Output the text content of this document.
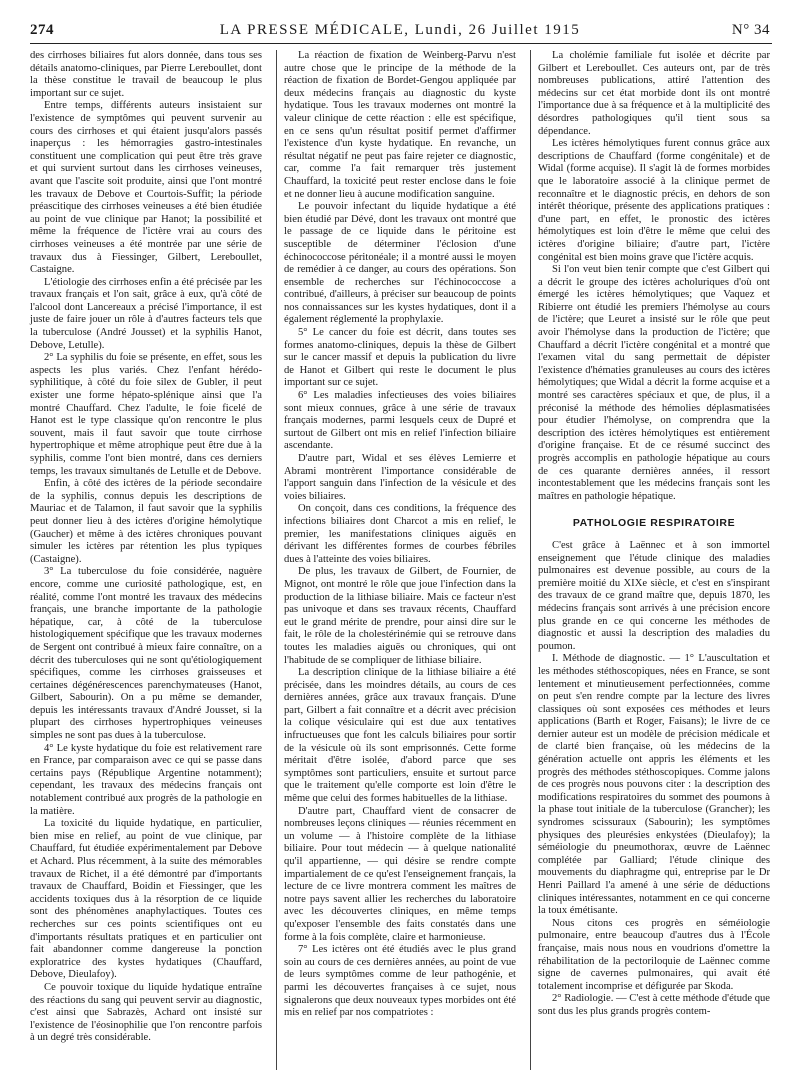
274	LA PRESSE MÉDICALE, Lundi, 26 Juillet 1915	N° 34

des cirrhoses biliaires fut alors donnée, dans tous ses détails anatomo-cliniques, par Pierre Lereboullet, dont la thèse constitue le travail de beaucoup le plus important sur ce sujet.

Entre temps, différents auteurs insistaient sur l'existence de symptômes qui peuvent survenir au cours des cirrhoses et qui étaient jusqu'alors passés inaperçus : les hémorragies gastro-intestinales constituent une complication qui peut être très grave et qui survient surtout dans les cirrhoses veineuses, avant que l'ascite soit produite, ainsi que l'ont montré les travaux de Debove et Courtois-Suffit; la période préascitique des cirrhoses veineuses a été bien étudiée au point de vue clinique par Hanot; la possibilité et même la fréquence de l'ictère vrai au cours des cirrhoses veineuses a été montrée par une série de travaux dus à Fiessinger, Gilbert, Lereboullet, Castaigne.

L'étiologie des cirrhoses enfin a été précisée par les travaux français et l'on sait, grâce à eux, qu'à côté de l'alcool dont Lancereaux a précisé l'importance, il est juste de faire jouer un rôle à d'autres facteurs tels que la tuberculose (André Jousset) et la syphilis Hanot, Debove, Letulle).

2° La syphilis du foie se présente, en effet, sous les aspects les plus variés. Chez l'enfant hérédo-syphilitique, à côté du foie silex de Gubler, il peut exister une forme hépato-splénique ainsi que l'a montré Chauffard. Chez l'adulte, le foie ficelé de Hanot est le type classique qu'on rencontre le plus souvent, mais il faut savoir que toute cirrhose hypertrophique et même atrophique peut être due à la syphilis, comme l'ont bien montré, dans ces derniers temps, les travaux simultanés de Letulle et de Debove.

Enfin, à côté des ictères de la période secondaire de la syphilis, connus depuis les descriptions de Mauriac et de Talamon, il faut savoir que la syphilis peut donner lieu à des ictères d'origine hémolytique (Gaucher) et même à des ictères chroniques pouvant simuler les ictères par rétention les plus typiques (Castaigne).

3° La tuberculose du foie considérée, naguère encore, comme une curiosité pathologique, est, en réalité, comme l'ont montré les travaux des médecins français, une branche importante de la pathologie hépatique, car, à côté de la tuberculose histologiquement spécifique que les travaux modernes de Sergent ont contribué à mieux faire connaître, on a décrit des tuberculoses qui ne sont qu'étiologiquement spécifiques, comme les cirrhoses graisseuses et certaines dégénérescences parenchymateuses (Hanot, Gilbert, Sabourin). On a pu même se demander, depuis les intéressants travaux d'André Jousset, si la plupart des cirrhoses hypertrophiques veineuses simples ne sont pas dues à la tuberculose.

4° Le kyste hydatique du foie est relativement rare en France, par comparaison avec ce qui se passe dans certains pays (République Argentine notamment); cependant, les travaux des médecins français ont notablement contribué aux progrès de la pathologie en la matière.

La toxicité du liquide hydatique, en particulier, bien mise en relief, au point de vue clinique, par Chauffard, fut étudiée expérimentalement par Debove et Achard. Plus récemment, à la suite des mémorables travaux de Richet, il a été démontré par d'importants travaux de Chauffard, Boidin et Fiessinger, que les accidents toxiques dus à la résorption de ce liquide sont des phénomènes anaphylactiques. Toutes ces recherches sur ces points scientifiques ont eu d'importants résultats pratiques et en particulier ont fait abandonner comme dangereuse la ponction exploratrice des kystes hydatiques (Chauffard, Debove, Dieulafoy).

Ce pouvoir toxique du liquide hydatique entraîne des réactions du sang qui peuvent servir au diagnostic, c'est ainsi que Sabrazès, Achard ont insisté sur l'existence de l'éosinophilie que l'on rencontre parfois à un degré très considérable.

La réaction de fixation de Weinberg-Parvu n'est autre chose que le principe de la méthode de la réaction de fixation de Bordet-Gengou appliquée par deux médecins français au diagnostic du kyste hydatique. Tous les travaux modernes ont montré la valeur clinique de cette réaction : elle est spécifique, en ce sens qu'un résultat positif permet d'affirmer l'existence d'un kyste hydatique. En revanche, un résultat négatif ne peut pas faire rejeter ce diagnostic, car, comme l'a fait remarquer très justement Chauffard, la toxicité peut rester enclose dans le foie et ne donner lieu à aucune modification sanguine.

Le pouvoir infectant du liquide hydatique a été bien étudié par Dévé, dont les travaux ont montré que le passage de ce liquide dans le péritoine est susceptible de déterminer l'éclosion d'une échinococcose péritonéale; il a montré aussi le moyen de remédier à ce danger, au cours des opérations. Son ensemble de recherches sur l'échinococcose a contribué, d'ailleurs, à préciser sur beaucoup de points nos connaissances sur les kystes hydatiques, dont il a également réglementé la prophylaxie.

5° Le cancer du foie est décrit, dans toutes ses formes anatomo-cliniques, depuis la thèse de Gilbert sur le cancer massif et depuis la publication du livre de Hanot et Gilbert qui reste le document le plus important sur ce sujet.

6° Les maladies infectieuses des voies biliaires sont mieux connues, grâce à une série de travaux français modernes, parmi lesquels ceux de Dupré et surtout de Gilbert ont mis en relief l'infection biliaire ascendante.

D'autre part, Widal et ses élèves Lemierre et Abrami montrèrent l'importance considérable de l'apport sanguin dans l'infection de la vésicule et des voies biliaires.

On conçoit, dans ces conditions, la fréquence des infections biliaires dont Charcot a mis en relief, le premier, les manifestations cliniques aiguës en dérivant les différentes formes de courbes fébriles dues à l'atteinte des voies biliaires.

De plus, les travaux de Gilbert, de Fournier, de Mignot, ont montré le rôle que joue l'infection dans la production de la lithiase biliaire. Mais ce facteur n'est pas univoque et dans ses travaux récents, Chauffard eut le grand mérite de prendre, pour ainsi dire sur le fait, le rôle de la cholestérinémie qui se retrouve dans toutes les maladies aiguës ou chroniques, qui ont l'habitude de se compliquer de lithiase biliaire.

La description clinique de la lithiase biliaire a été précisée, dans les moindres détails, au cours de ces dernières années, grâce aux travaux français. D'une part, Gilbert a fait connaître et a décrit avec précision la colique vésiculaire qui est due aux tentatives infructueuses que font les calculs biliaires pour sortir de la vésicule où ils sont emprisonnés. Cette forme méritait d'être isolée, d'abord parce que ses symptômes sont particuliers, ensuite et surtout parce que le traitement qu'elle comporte est loin d'être le même que celui des formes habituelles de la lithiase.

D'autre part, Chauffard vient de consacrer de nombreuses leçons cliniques — réunies récemment en un volume — à l'histoire complète de la lithiase biliaire. Pour tout médecin — à quelque nationalité qu'il appartienne, — qui désire se rendre compte impartialement de ce qu'est l'enseignement français, la lecture de ce livre montrera comment les maîtres de notre pays savent allier les recherches du laboratoire avec les découvertes cliniques, en même temps qu'exposer l'ensemble des faits constatés dans une forme à la fois complète, claire et harmonieuse.

7° Les ictères ont été étudiés avec le plus grand soin au cours de ces dernières années, au point de vue de leurs symptômes comme de leur pathogénie, et parmi les découvertes françaises à ce sujet, nous signalerons que deux nouveaux types morbides ont été mis en relief par nos compatriotes :

La cholémie familiale fut isolée et décrite par Gilbert et Lereboullet. Ces auteurs ont, par de très nombreuses publications, attiré l'attention des médecins sur cet état morbide dont ils ont montré l'importance due à sa fréquence et à la multiplicité des désordres pathologiques qu'il tient sous sa dépendance.

Les ictères hémolytiques furent connus grâce aux descriptions de Chauffard (forme congénitale) et de Widal (forme acquise). Il s'agit là de formes morbides que le laboratoire associé à la clinique permet de reconnaître et le diagnostic précis, en dehors de son intérêt théorique, présente des applications pratiques : d'une part, en effet, le pronostic des ictères hémolytiques est loin d'être le même que celui des ictères d'origine biliaire; d'autre part, l'ictère congénital est bien moins grave que l'ictère acquis.

Si l'on veut bien tenir compte que c'est Gilbert qui a décrit le groupe des ictères acholuriques d'où ont émergé les ictères hémolytiques; que Vaquez et Ribierre ont étudié les premiers l'hémolyse au cours de l'ictère; que Leuret a insisté sur le rôle que peut avoir l'hémolyse dans la production de l'ictère; que Chauffard a décrit l'ictère congénital et a montré que l'examen vital du sang permettait de dépister l'existence d'hématies granuleuses au cours des ictères hémolytiques; que Widal a décrit la forme acquise et a montré ses caractères spéciaux et que, de plus, il a préconisé la méthode des hémolies déplasmatisées pour étudier l'hémolyse, on comprendra que la description des ictères hémolytiques est entièrement d'origine française. Et de ce résumé succinct des progrès accomplis en pathologie hépatique au cours de ces quarante dernières années, il ressort incontestablement que les médecins français sont les maîtres en pathologie hépatique.

PATHOLOGIE RESPIRATOIRE

C'est grâce à Laënnec et à son immortel enseignement que l'étude clinique des maladies pulmonaires est devenue possible, au cours de la première moitié du XIXe siècle, et c'est en s'inspirant des travaux de ce grand maître que, depuis 1870, les médecins français sont arrivés à une précision encore plus grande en ce qui concerne les méthodes de diagnostic et aussi la description des maladies du poumon.

I. Méthode de diagnostic. — 1° L'auscultation et les méthodes stéthoscopiques, nées en France, se sont lentement et minutieusement perfectionnées, comme on peut s'en rendre compte par la lecture des livres classiques où sont exposées ces méthodes et leurs applications (Barth et Roger, Faisans); le livre de ce dernier auteur est un modèle de précision médicale et de clarté bien française, où les médecins de la génération actuelle ont appris les éléments et les progrès des méthodes stéthoscopiques. Comme jalons de ces progrès nous pouvons citer : la description des modifications respiratoires du sommet des poumons à la phase tout initiale de la tuberculose (Grancher); les syndromes scissuraux (Sabourin); les symptômes physiques des pleurésies enkystées (Dieulafoy); la séméiologie du pneumothorax, œuvre de Laënnec complétée par Galliard; l'étude clinique des mouvements du diaphragme qui, entreprise par le Dr Henri Paillard l'a amené à une série de déductions cliniques intéressantes, notamment en ce qui concerne la toux émétisante.

Nous citons ces progrès en séméiologie pulmonaire, entre beaucoup d'autres dus à l'École française, mais nous nous en voudrions d'omettre la réhabilitation de la pectoriloquie de Laënnec comme signe de cavernes pulmonaires, qui avait été totalement incomprise et défigurée par Skoda.

2° Radiologie. — C'est à cette méthode d'étude que sont dus les plus grands progrès contem-
